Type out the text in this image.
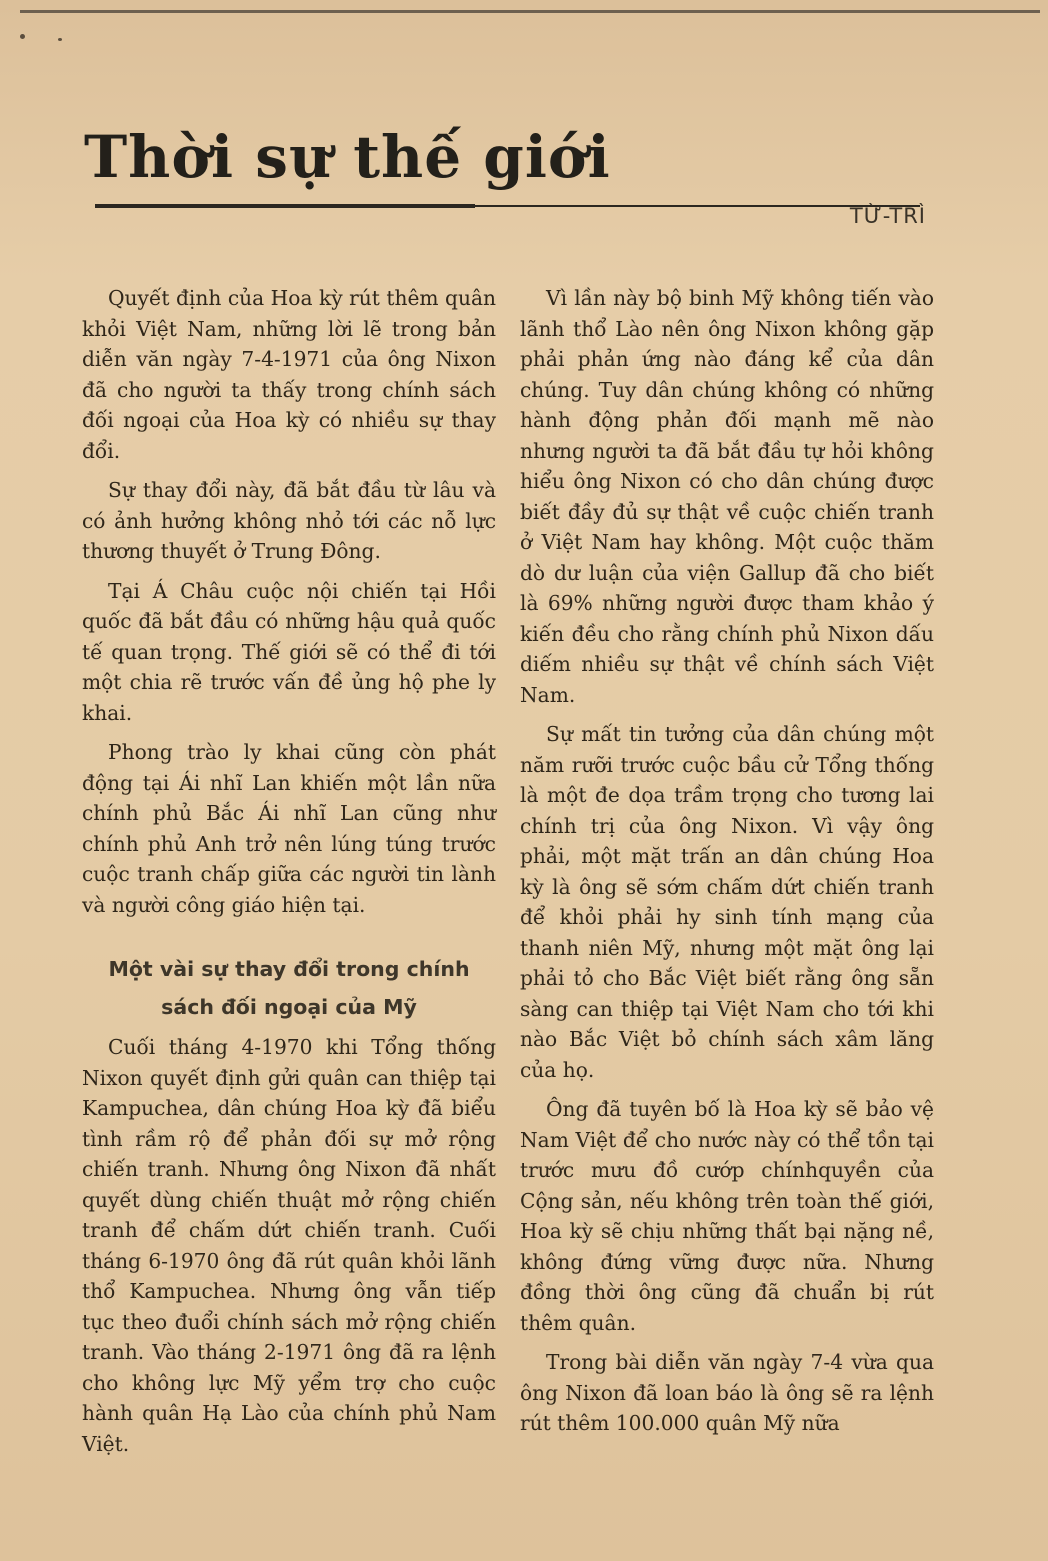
Thời sự thế giới
TỪ-TRÌ

Quyết định của Hoa kỳ rút thêm quân khỏi Việt Nam, những lời lẽ trong bản diễn văn ngày 7-4-1971 của ông Nixon đã cho người ta thấy trong chính sách đối ngoại của Hoa kỳ có nhiều sự thay đổi.

Sự thay đổi này, đã bắt đầu từ lâu và có ảnh hưởng không nhỏ tới các nỗ lực thương thuyết ở Trung Đông.

Tại Á Châu cuộc nội chiến tại Hồi quốc đã bắt đầu có những hậu quả quốc tế quan trọng. Thế giới sẽ có thể đi tới một chia rẽ trước vấn đề ủng hộ phe ly khai.

Phong trào ly khai cũng còn phát động tại Ái nhĩ Lan khiến một lần nữa chính phủ Bắc Ái nhĩ Lan cũng như chính phủ Anh trở nên lúng túng trước cuộc tranh chấp giữa các người tin lành và người công giáo hiện tại.

Một vài sự thay đổi trong chính sách đối ngoại của Mỹ

Cuối tháng 4-1970 khi Tổng thống Nixon quyết định gửi quân can thiệp tại Kampuchea, dân chúng Hoa kỳ đã biểu tình rầm rộ để phản đối sự mở rộng chiến tranh. Nhưng ông Nixon đã nhất quyết dùng chiến thuật mở rộng chiến tranh để chấm dứt chiến tranh. Cuối tháng 6-1970 ông đã rút quân khỏi lãnh thổ Kampuchea. Nhưng ông vẫn tiếp tục theo đuổi chính sách mở rộng chiến tranh. Vào tháng 2-1971 ông đã ra lệnh cho không lực Mỹ yểm trợ cho cuộc hành quân Hạ Lào của chính phủ Nam Việt.

Vì lần này bộ binh Mỹ không tiến vào lãnh thổ Lào nên ông Nixon không gặp phải phản ứng nào đáng kể của dân chúng. Tuy dân chúng không có những hành động phản đối mạnh mẽ nào nhưng người ta đã bắt đầu tự hỏi không hiểu ông Nixon có cho dân chúng được biết đầy đủ sự thật về cuộc chiến tranh ở Việt Nam hay không. Một cuộc thăm dò dư luận của viện Gallup đã cho biết là 69% những người được tham khảo ý kiến đều cho rằng chính phủ Nixon dấu diếm nhiều sự thật về chính sách Việt Nam.

Sự mất tin tưởng của dân chúng một năm rưỡi trước cuộc bầu cử Tổng thống là một đe dọa trầm trọng cho tương lai chính trị của ông Nixon. Vì vậy ông phải, một mặt trấn an dân chúng Hoa kỳ là ông sẽ sớm chấm dứt chiến tranh để khỏi phải hy sinh tính mạng của thanh niên Mỹ, nhưng một mặt ông lại phải tỏ cho Bắc Việt biết rằng ông sẵn sàng can thiệp tại Việt Nam cho tới khi nào Bắc Việt bỏ chính sách xâm lăng của họ.

Ông đã tuyên bố là Hoa kỳ sẽ bảo vệ Nam Việt để cho nước này có thể tồn tại trước mưu đồ cướp chínhquyền của Cộng sản, nếu không trên toàn thế giới, Hoa kỳ sẽ chịu những thất bại nặng nề, không đứng vững được nữa. Nhưng đồng thời ông cũng đã chuẩn bị rút thêm quân.

Trong bài diễn văn ngày 7-4 vừa qua ông Nixon đã loan báo là ông sẽ ra lệnh rút thêm 100.000 quân Mỹ nữa
